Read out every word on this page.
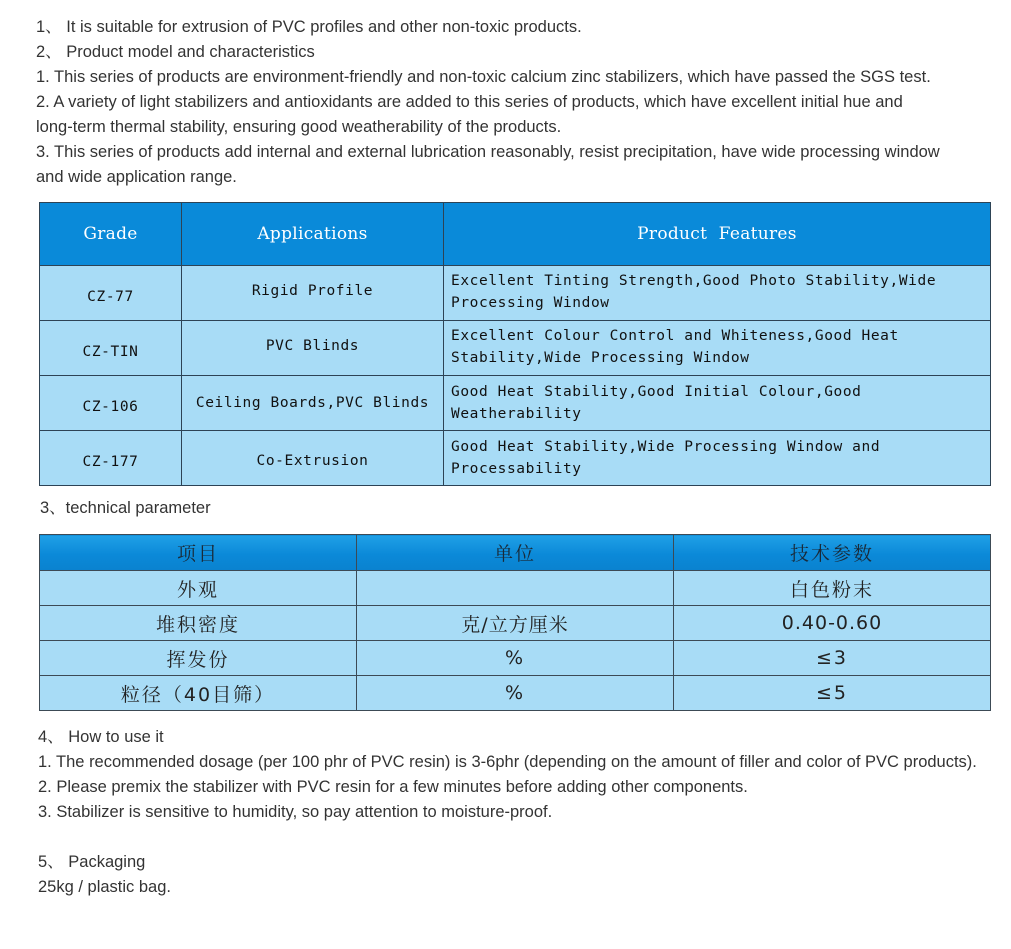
1、 It is suitable for extrusion of PVC profiles and other non-toxic products.
2、 Product model and characteristics
1. This series of products are environment-friendly and non-toxic calcium zinc stabilizers, which have passed the SGS test.
2. A variety of light stabilizers and antioxidants are added to this series of products, which have excellent initial hue and long-term thermal stability, ensuring good weatherability of the products.
3. This series of products add internal and external lubrication reasonably, resist precipitation, have wide processing window and wide application range.
Grade	Applications	Product  Features
CZ-77	Rigid Profile	Excellent Tinting Strength,Good Photo Stability,Wide Processing Window
CZ-TIN	PVC Blinds	Excellent Colour Control and Whiteness,Good Heat Stability,Wide Processing Window
CZ-106	Ceiling Boards,PVC Blinds	Good Heat Stability,Good Initial Colour,Good Weatherability
CZ-177	Co-Extrusion	Good Heat Stability,Wide Processing Window and Processability
3、technical parameter
项目	单位	技术参数
外观		白色粉末
堆积密度	克/立方厘米	0.40-0.60
挥发份	%	≤3
粒径（40目筛）	%	≤5
4、 How to use it
1. The recommended dosage (per 100 phr of PVC resin) is 3-6phr (depending on the amount of filler and color of PVC products).
2. Please premix the stabilizer with PVC resin for a few minutes before adding other components.
3. Stabilizer is sensitive to humidity, so pay attention to moisture-proof.
5、 Packaging
25kg / plastic bag.
